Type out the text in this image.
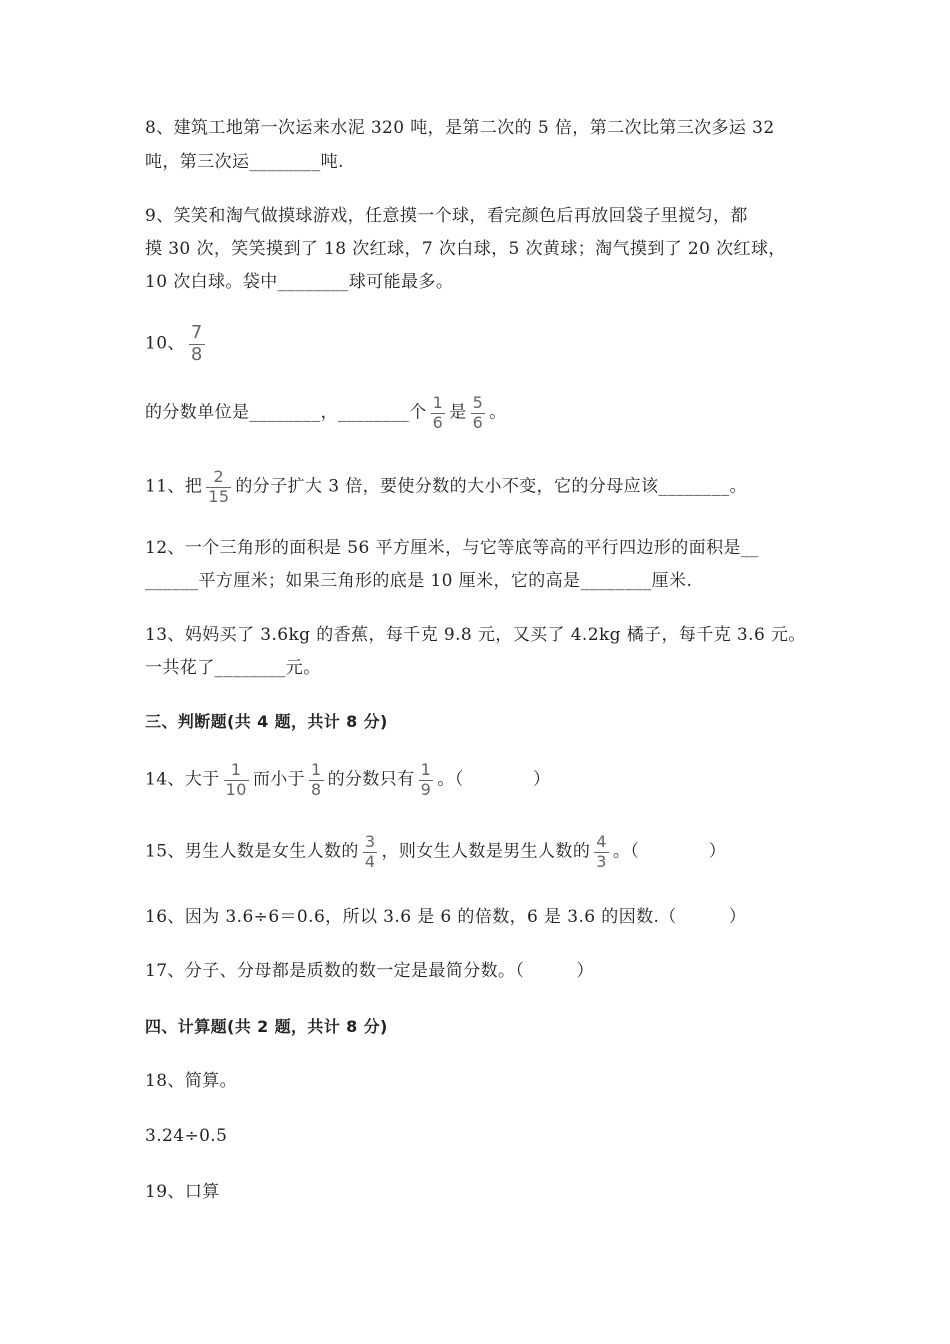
8、建筑工地第一次运来水泥 320 吨，是第二次的 5 倍，第二次比第三次多运 32
吨，第三次运________吨.
9、笑笑和淘气做摸球游戏，任意摸一个球，看完颜色后再放回袋子里搅匀，都
摸 30 次，笑笑摸到了 18 次红球，7 次白球，5 次黄球；淘气摸到了 20 次红球，
10 次白球。袋中________球可能最多。
10、 $\frac{7}{8}$
的分数单位是________，________个 $\frac{1}{6}$ 是 $\frac{5}{6}$ 。
11、把 $\frac{2}{15}$ 的分子扩大 3 倍，要使分数的大小不变，它的分母应该________。
12、一个三角形的面积是 56 平方厘米，与它等底等高的平行四边形的面积是__
______平方厘米；如果三角形的底是 10 厘米，它的高是________厘米.
13、妈妈买了 3.6kg 的香蕉，每千克 9.8 元，又买了 4.2kg 橘子，每千克 3.6 元。
一共花了________元。
三、判断题(共 4 题，共计 8 分)
14、大于 $\frac{1}{10}$ 而小于 $\frac{1}{8}$ 的分数只有 $\frac{1}{9}$ 。（　　　　）
15、男生人数是女生人数的 $\frac{3}{4}$ ，则女生人数是男生人数的 $\frac{4}{3}$ 。（　　　　）
16、因为 3.6÷6＝0.6，所以 3.6 是 6 的倍数，6 是 3.6 的因数.（　　　）
17、分子、分母都是质数的数一定是最简分数。（　　　）
四、计算题(共 2 题，共计 8 分)
18、简算。
3.24÷0.5
19、口算
